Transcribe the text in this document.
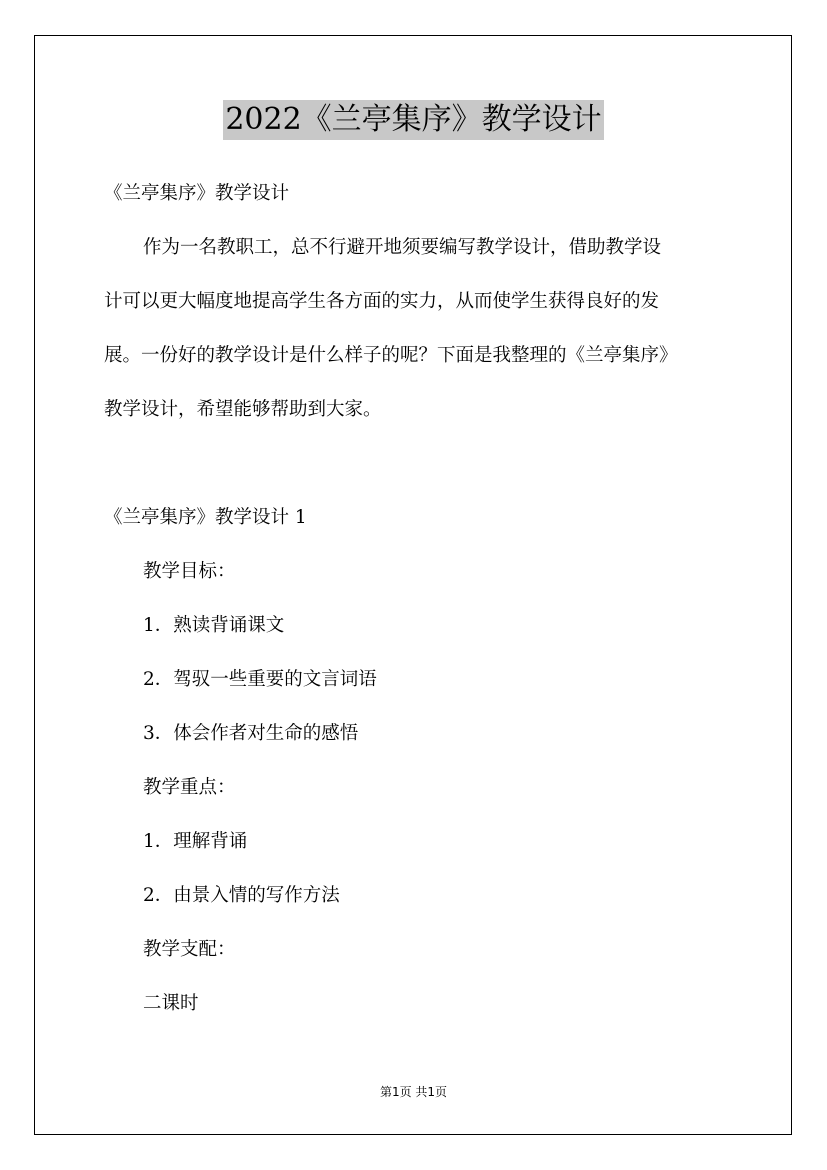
2022《兰亭集序》教学设计
《兰亭集序》教学设计
作为一名教职工，总不行避开地须要编写教学设计，借助教学设
计可以更大幅度地提高学生各方面的实力，从而使学生获得良好的发
展。一份好的教学设计是什么样子的呢？下面是我整理的《兰亭集序》
教学设计，希望能够帮助到大家。
《兰亭集序》教学设计 1
教学目标：
1．熟读背诵课文
2．驾驭一些重要的文言词语
3．体会作者对生命的感悟
教学重点：
1．理解背诵
2．由景入情的写作方法
教学支配：
二课时
第1页 共1页
